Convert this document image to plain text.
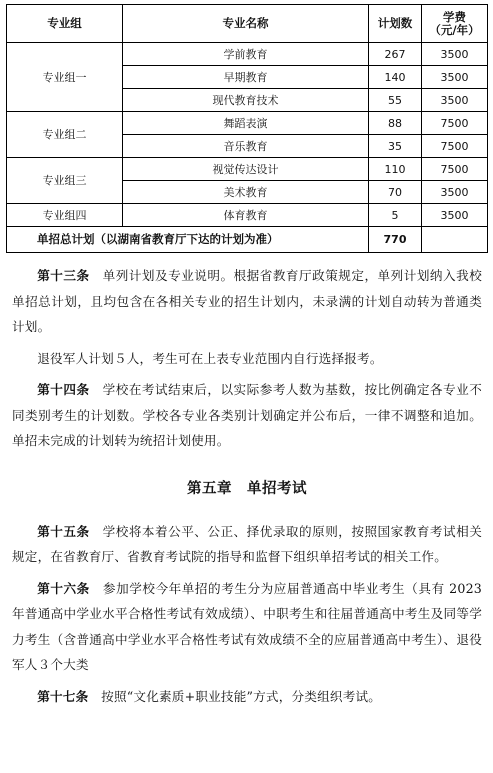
专业组	专业名称	计划数	学费
（元/年）

专业组一	学前教育	267	3500
	早期教育	140	3500
	现代教育技术	55	3500
专业组二	舞蹈表演	88	7500
	音乐教育	35	7500
专业组三	视觉传达设计	110	7500
	美术教育	70	3500
专业组四	体育教育	5	3500
单招总计划（以湖南省教育厅下达的计划为准）		770	

第十三条　 单列计划及专业说明。根据省教育厅政策规定，单列计划纳入我校单招总计划，且均包含在各相关专业的招生计划内，未录满的计划自动转为普通类计划。

退役军人计划５人，考生可在上表专业范围内自行选择报考。

第十四条　 学校在考试结束后，以实际参考人数为基数，按比例确定各专业不同类别考生的计划数。学校各专业各类别计划确定并公布后，一律不调整和追加。单招未完成的计划转为统招计划使用。

第五章　单招考试

第十五条　 学校将本着公平、公正、择优录取的原则，按照国家教育考试相关规定，在省教育厅、省教育考试院的指导和监督下组织单招考试的相关工作。

第十六条　 参加学校今年单招的考生分为应届普通高中毕业考生（具有 2023 年普通高中学业水平合格性考试有效成绩）、中职考生和往届普通高中考生及同等学力考生（含普通高中学业水平合格性考试有效成绩不全的应届普通高中考生）、退役军人３个大类

第十七条　 按照“文化素质+职业技能”方式，分类组织考试。
